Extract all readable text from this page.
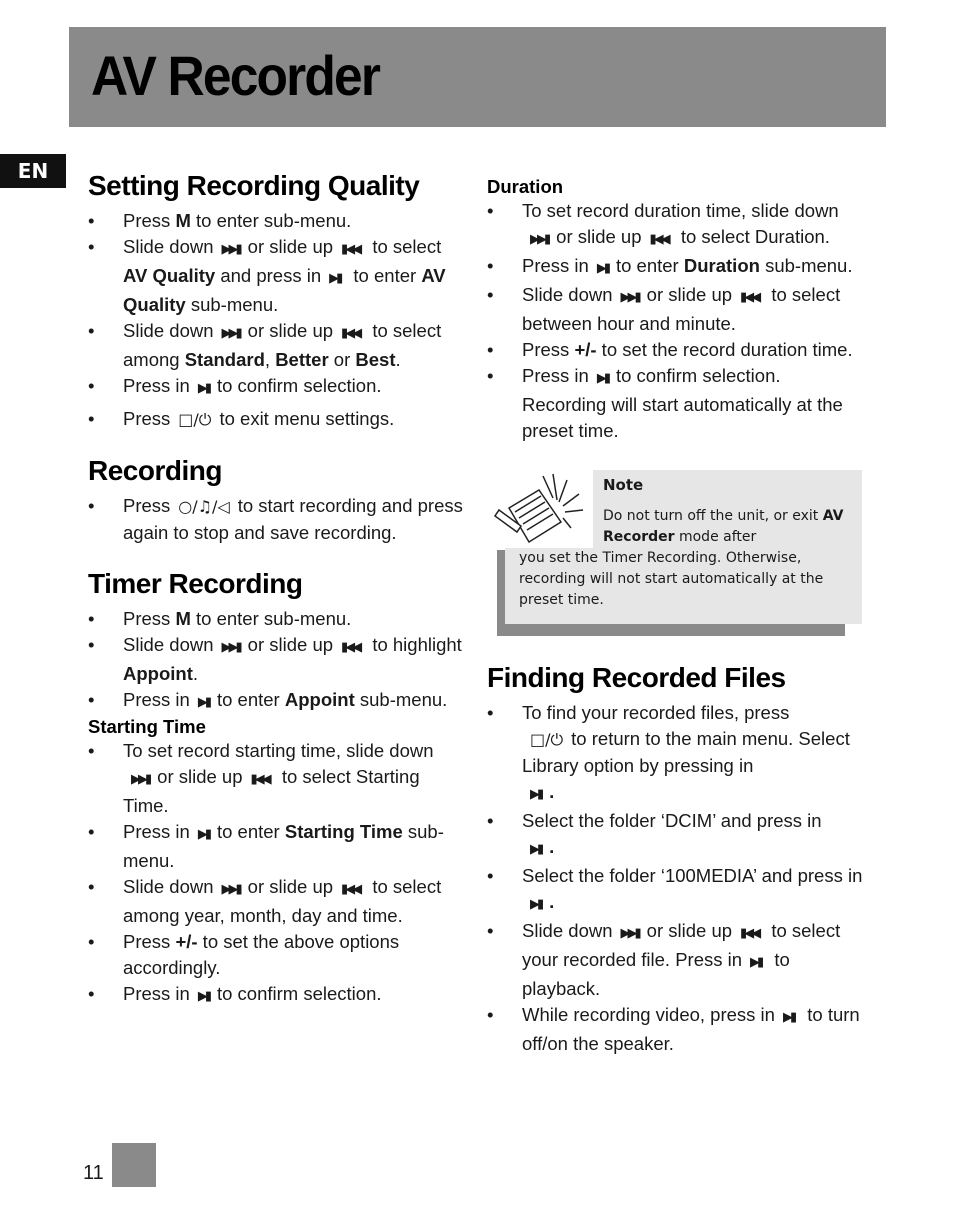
AV Recorder
EN	Setting Recording Quality
• Press M to enter sub-menu.
• Slide down ▶▶▮ or slide up ▮◀◀ to select AV Quality and press in ▶▮ to enter AV Quality sub-menu.
• Slide down ▶▶▮ or slide up ▮◀◀ to select among Standard, Better or Best.
• Press in ▶▮ to confirm selection.
• Press □/⏻ to exit menu settings.
Recording
• Press ○/♫/◁ to start recording and press again to stop and save recording.
Timer Recording
• Press M to enter sub-menu.
• Slide down ▶▶▮ or slide up ▮◀◀ to highlight Appoint.
• Press in ▶▮ to enter Appoint sub-menu.
Starting Time
• To set record starting time, slide down ▶▶▮ or slide up ▮◀◀ to select Starting Time.
• Press in ▶▮ to enter Starting Time sub-menu.
• Slide down ▶▶▮ or slide up ▮◀◀ to select among year, month, day and time.
• Press +/- to set the above options accordingly.
• Press in ▶▮ to confirm selection.
Duration
• To set record duration time, slide down▶▶▮ or slide up ▮◀◀ to select Duration.
• Press in ▶▮ to enter Duration sub-menu.
• Slide down ▶▶▮ or slide up ▮◀◀ to select between hour and minute.
• Press +/- to set the record duration time.
• Press in ▶▮ to confirm selection. Recording will start automatically at the preset time.
Note
Do not turn off the unit, or exit AV Recorder mode after
you set the Timer Recording. Otherwise, recording will not start automatically at the preset time.
Finding Recorded Files
• To find your recorded files, press
□/⏻ to return to the main menu. Select Library option by pressing in
▶▮ .
• Select the folder ‘DCIM’ and press in
▶▮ .
• Select the folder ‘100MEDIA’ and press in▶▮ .
• Slide down ▶▶▮ or slide up ▮◀◀ to select your recorded file. Press in ▶▮ to playback.
• While recording video, press in ▶▮ to turn off/on the speaker.
11
